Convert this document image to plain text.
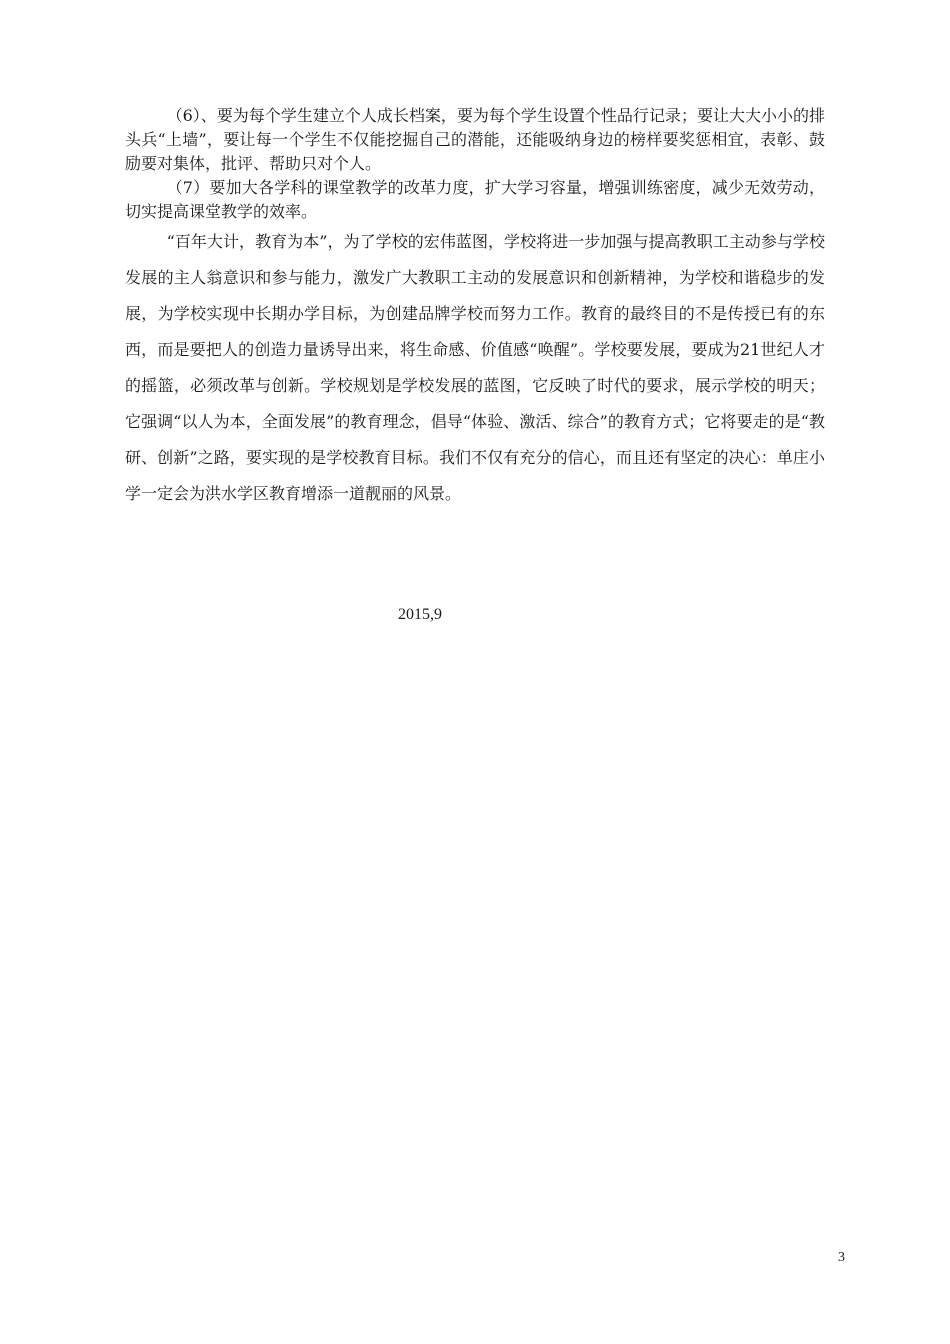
（6）、要为每个学生建立个人成长档案，要为每个学生设置个性品行记录；要让大大小小的排头兵“上墙”，要让每一个学生不仅能挖掘自己的潜能，还能吸纳身边的榜样要奖惩相宜，表彰、鼓励要对集体，批评、帮助只对个人。

（7）要加大各学科的课堂教学的改革力度，扩大学习容量，增强训练密度，减少无效劳动，切实提高课堂教学的效率。

“百年大计，教育为本”，为了学校的宏伟蓝图，学校将进一步加强与提高教职工主动参与学校发展的主人翁意识和参与能力，激发广大教职工主动的发展意识和创新精神，为学校和谐稳步的发展，为学校实现中长期办学目标，为创建品牌学校而努力工作。教育的最终目的不是传授已有的东西，而是要把人的创造力量诱导出来，将生命感、价值感“唤醒”。学校要发展，要成为21世纪人才的摇篮，必须改革与创新。学校规划是学校发展的蓝图，它反映了时代的要求，展示学校的明天；它强调“以人为本，全面发展”的教育理念，倡导“体验、激活、综合”的教育方式；它将要走的是“教研、创新”之路，要实现的是学校教育目标。我们不仅有充分的信心，而且还有坚定的决心：单庄小学一定会为洪水学区教育增添一道靓丽的风景。

2015,9
3
